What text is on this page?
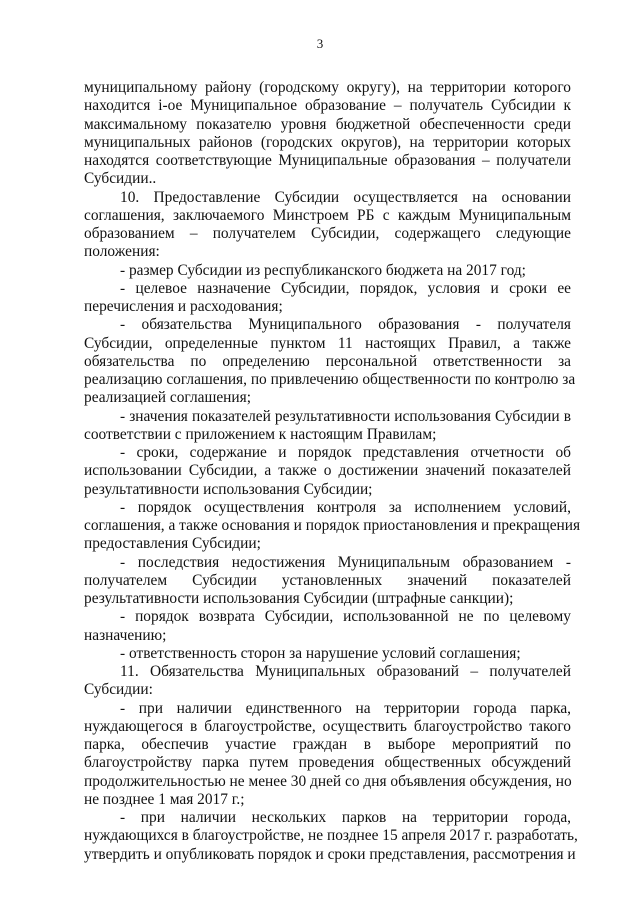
3
муниципальному району (городскому округу), на территории которого
находится i-ое Муниципальное образование – получатель Субсидии к
максимальному показателю уровня бюджетной обеспеченности среди
муниципальных районов (городских округов), на территории которых
находятся соответствующие Муниципальные образования – получатели
Субсидии..
10. Предоставление Субсидии осуществляется на основании
соглашения, заключаемого Минстроем РБ с каждым Муниципальным
образованием – получателем Субсидии, содержащего следующие
положения:
- размер Субсидии из республиканского бюджета на 2017 год;
- целевое назначение Субсидии, порядок, условия и сроки ее
перечисления и расходования;
- обязательства Муниципального образования - получателя
Субсидии, определенные пунктом 11 настоящих Правил, а также
обязательства по определению персональной ответственности за
реализацию соглашения, по привлечению общественности по контролю за
реализацией соглашения;
- значения показателей результативности использования Субсидии в
соответствии с приложением к настоящим Правилам;
- сроки, содержание и порядок представления отчетности об
использовании Субсидии, а также о достижении значений показателей
результативности использования Субсидии;
- порядок осуществления контроля за исполнением условий,
соглашения, а также основания и порядок приостановления и прекращения
предоставления Субсидии;
- последствия недостижения Муниципальным образованием -
получателем Субсидии установленных значений показателей
результативности использования Субсидии (штрафные санкции);
- порядок возврата Субсидии, использованной не по целевому
назначению;
- ответственность сторон за нарушение условий соглашения;
11. Обязательства Муниципальных образований – получателей
Субсидии:
- при наличии единственного на территории города парка,
нуждающегося в благоустройстве, осуществить благоустройство такого
парка, обеспечив участие граждан в выборе мероприятий по
благоустройству парка путем проведения общественных обсуждений
продолжительностью не менее 30 дней со дня объявления обсуждения, но
не позднее 1 мая 2017 г.;
- при наличии нескольких парков на территории города,
нуждающихся в благоустройстве, не позднее 15 апреля 2017 г. разработать,
утвердить и опубликовать порядок и сроки представления, рассмотрения и
